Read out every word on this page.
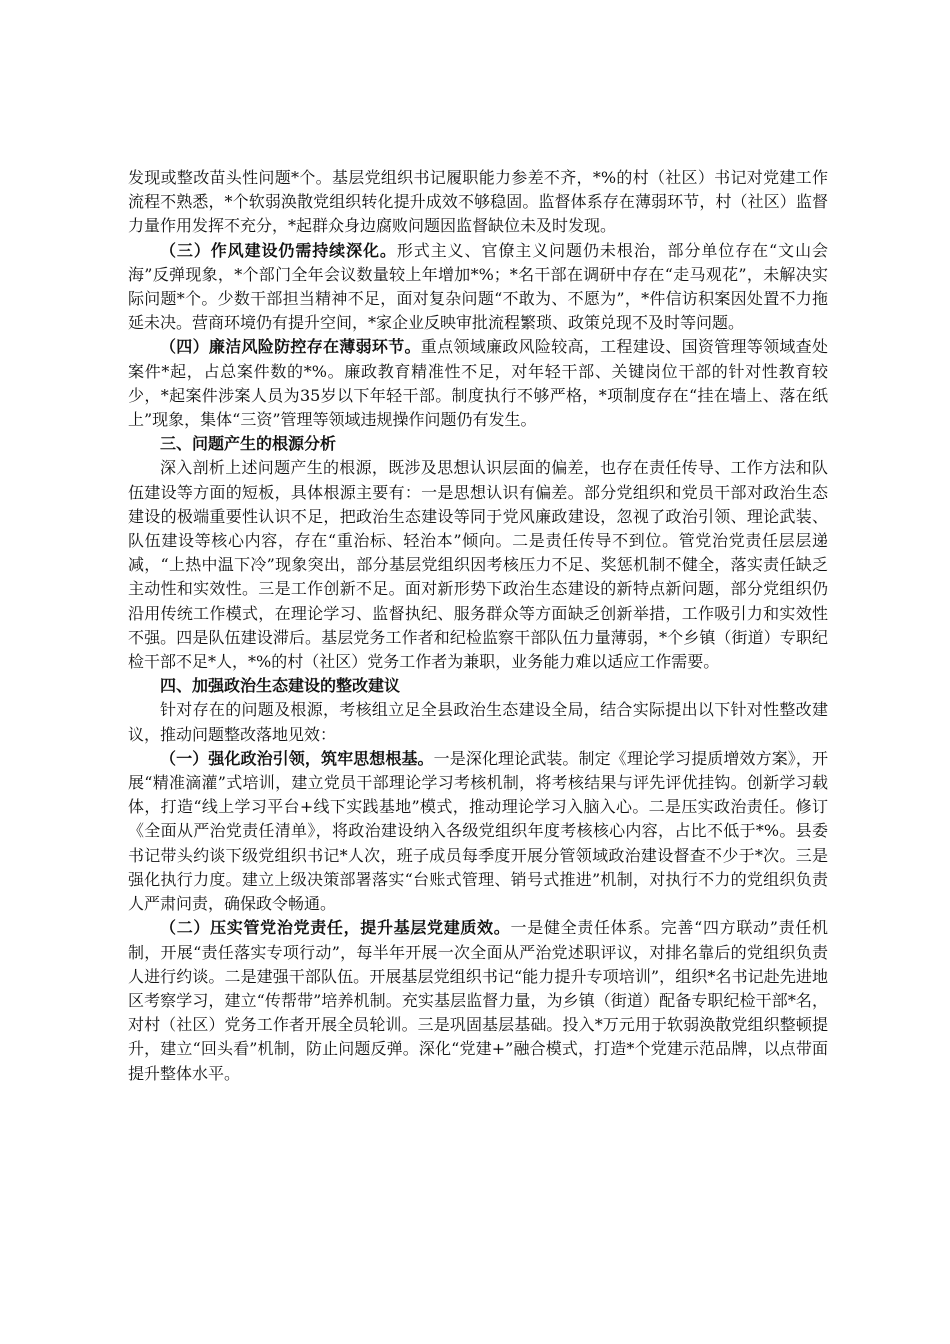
发现或整改苗头性问题*个。基层党组织书记履职能力参差不齐，*%的村（社区）书记对党建工作流程不熟悉，*个软弱涣散党组织转化提升成效不够稳固。监督体系存在薄弱环节，村（社区）监督力量作用发挥不充分，*起群众身边腐败问题因监督缺位未及时发现。

（三）作风建设仍需持续深化。形式主义、官僚主义问题仍未根治，部分单位存在“文山会海”反弹现象，*个部门全年会议数量较上年增加*%；*名干部在调研中存在“走马观花”，未解决实际问题*个。少数干部担当精神不足，面对复杂问题“不敢为、不愿为”，*件信访积案因处置不力拖延未决。营商环境仍有提升空间，*家企业反映审批流程繁琐、政策兑现不及时等问题。

（四）廉洁风险防控存在薄弱环节。重点领域廉政风险较高，工程建设、国资管理等领域查处案件*起，占总案件数的*%。廉政教育精准性不足，对年轻干部、关键岗位干部的针对性教育较少，*起案件涉案人员为35岁以下年轻干部。制度执行不够严格，*项制度存在“挂在墙上、落在纸上”现象，集体“三资”管理等领域违规操作问题仍有发生。

三、问题产生的根源分析

深入剖析上述问题产生的根源，既涉及思想认识层面的偏差，也存在责任传导、工作方法和队伍建设等方面的短板，具体根源主要有：一是思想认识有偏差。部分党组织和党员干部对政治生态建设的极端重要性认识不足，把政治生态建设等同于党风廉政建设，忽视了政治引领、理论武装、队伍建设等核心内容，存在“重治标、轻治本”倾向。二是责任传导不到位。管党治党责任层层递减，“上热中温下冷”现象突出，部分基层党组织因考核压力不足、奖惩机制不健全，落实责任缺乏主动性和实效性。三是工作创新不足。面对新形势下政治生态建设的新特点新问题，部分党组织仍沿用传统工作模式，在理论学习、监督执纪、服务群众等方面缺乏创新举措，工作吸引力和实效性不强。四是队伍建设滞后。基层党务工作者和纪检监察干部队伍力量薄弱，*个乡镇（街道）专职纪检干部不足*人，*%的村（社区）党务工作者为兼职，业务能力难以适应工作需要。

四、加强政治生态建设的整改建议

针对存在的问题及根源，考核组立足全县政治生态建设全局，结合实际提出以下针对性整改建议，推动问题整改落地见效：

（一）强化政治引领，筑牢思想根基。一是深化理论武装。制定《理论学习提质增效方案》，开展“精准滴灌”式培训，建立党员干部理论学习考核机制，将考核结果与评先评优挂钩。创新学习载体，打造“线上学习平台+线下实践基地”模式，推动理论学习入脑入心。二是压实政治责任。修订《全面从严治党责任清单》，将政治建设纳入各级党组织年度考核核心内容，占比不低于*%。县委书记带头约谈下级党组织书记*人次，班子成员每季度开展分管领域政治建设督查不少于*次。三是强化执行力度。建立上级决策部署落实“台账式管理、销号式推进”机制，对执行不力的党组织负责人严肃问责，确保政令畅通。

（二）压实管党治党责任，提升基层党建质效。一是健全责任体系。完善“四方联动”责任机制，开展“责任落实专项行动”，每半年开展一次全面从严治党述职评议，对排名靠后的党组织负责人进行约谈。二是建强干部队伍。开展基层党组织书记“能力提升专项培训”，组织*名书记赴先进地区考察学习，建立“传帮带”培养机制。充实基层监督力量，为乡镇（街道）配备专职纪检干部*名，对村（社区）党务工作者开展全员轮训。三是巩固基层基础。投入*万元用于软弱涣散党组织整顿提升，建立“回头看”机制，防止问题反弹。深化“党建+”融合模式，打造*个党建示范品牌，以点带面提升整体水平。
